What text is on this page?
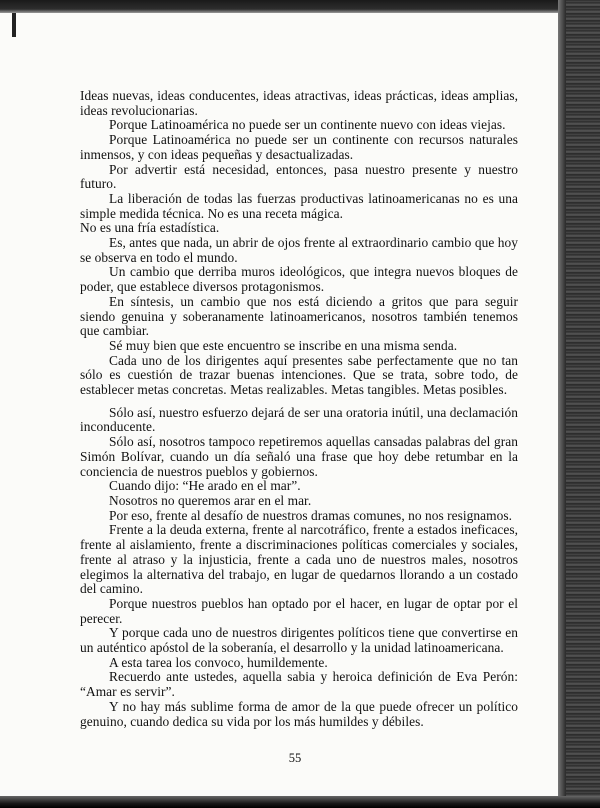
Ideas nuevas, ideas conducentes, ideas atractivas, ideas prácticas, ideas amplias, ideas revolucionarias.

Porque Latinoamérica no puede ser un continente nuevo con ideas viejas.

Porque Latinoamérica no puede ser un continente con recursos naturales inmensos, y con ideas pequeñas y desactualizadas.

Por advertir está necesidad, entonces, pasa nuestro presente y nuestro futuro.

La liberación de todas las fuerzas productivas latinoamericanas no es una simple medida técnica. No es una receta mágica.

No es una fría estadística.

Es, antes que nada, un abrir de ojos frente al extraordinario cambio que hoy se observa en todo el mundo.

Un cambio que derriba muros ideológicos, que integra nuevos bloques de poder, que establece diversos protagonismos.

En síntesis, un cambio que nos está diciendo a gritos que para seguir siendo genuina y soberanamente latinoamericanos, nosotros también tenemos que cambiar.

Sé muy bien que este encuentro se inscribe en una misma senda.

Cada uno de los dirigentes aquí presentes sabe perfectamente que no tan sólo es cuestión de trazar buenas intenciones. Que se trata, sobre todo, de establecer metas concretas. Metas realizables. Metas tangibles. Metas posibles.

Sólo así, nuestro esfuerzo dejará de ser una oratoria inútil, una declamación inconducente.

Sólo así, nosotros tampoco repetiremos aquellas cansadas palabras del gran Simón Bolívar, cuando un día señaló una frase que hoy debe retumbar en la conciencia de nuestros pueblos y gobiernos.

Cuando dijo: “He arado en el mar”.

Nosotros no queremos arar en el mar.

Por eso, frente al desafío de nuestros dramas comunes, no nos resignamos.

Frente a la deuda externa, frente al narcotráfico, frente a estados ineficaces, frente al aislamiento, frente a discriminaciones políticas comerciales y sociales, frente al atraso y la injusticia, frente a cada uno de nuestros males, nosotros elegimos la alternativa del trabajo, en lugar de quedarnos llorando a un costado del camino.

Porque nuestros pueblos han optado por el hacer, en lugar de optar por el perecer.

Y porque cada uno de nuestros dirigentes políticos tiene que convertirse en un auténtico apóstol de la soberanía, el desarrollo y la unidad latinoamericana.

A esta tarea los convoco, humildemente.

Recuerdo ante ustedes, aquella sabia y heroica definición de Eva Perón: “Amar es servir”.

Y no hay más sublime forma de amor de la que puede ofrecer un político genuino, cuando dedica su vida por los más humildes y débiles.

55
